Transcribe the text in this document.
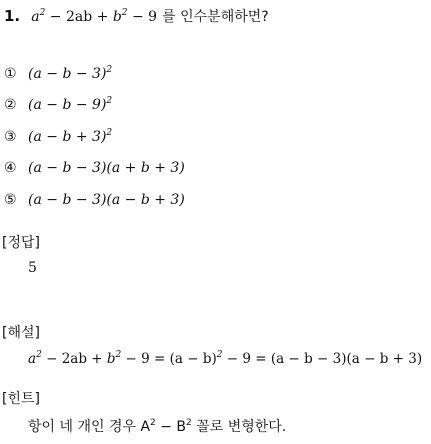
1. $a^2 - 2ab + b^2 - 9$ 를 인수분해하면?
① $(a - b - 3)^2$
② $(a - b - 9)^2$
③ $(a - b + 3)^2$
④ (a − b − 3)(a + b + 3)
⑤ (a − b − 3)(a − b + 3)
[정답]
5
[해설]
$a^2 - 2ab + b^2 - 9 = (a - b)^2 - 9 = (a - b - 3)(a - b + 3)$
[힌트]
항이 네 개인 경우 $A^2 - B^2$ 꼴로 변형한다.
